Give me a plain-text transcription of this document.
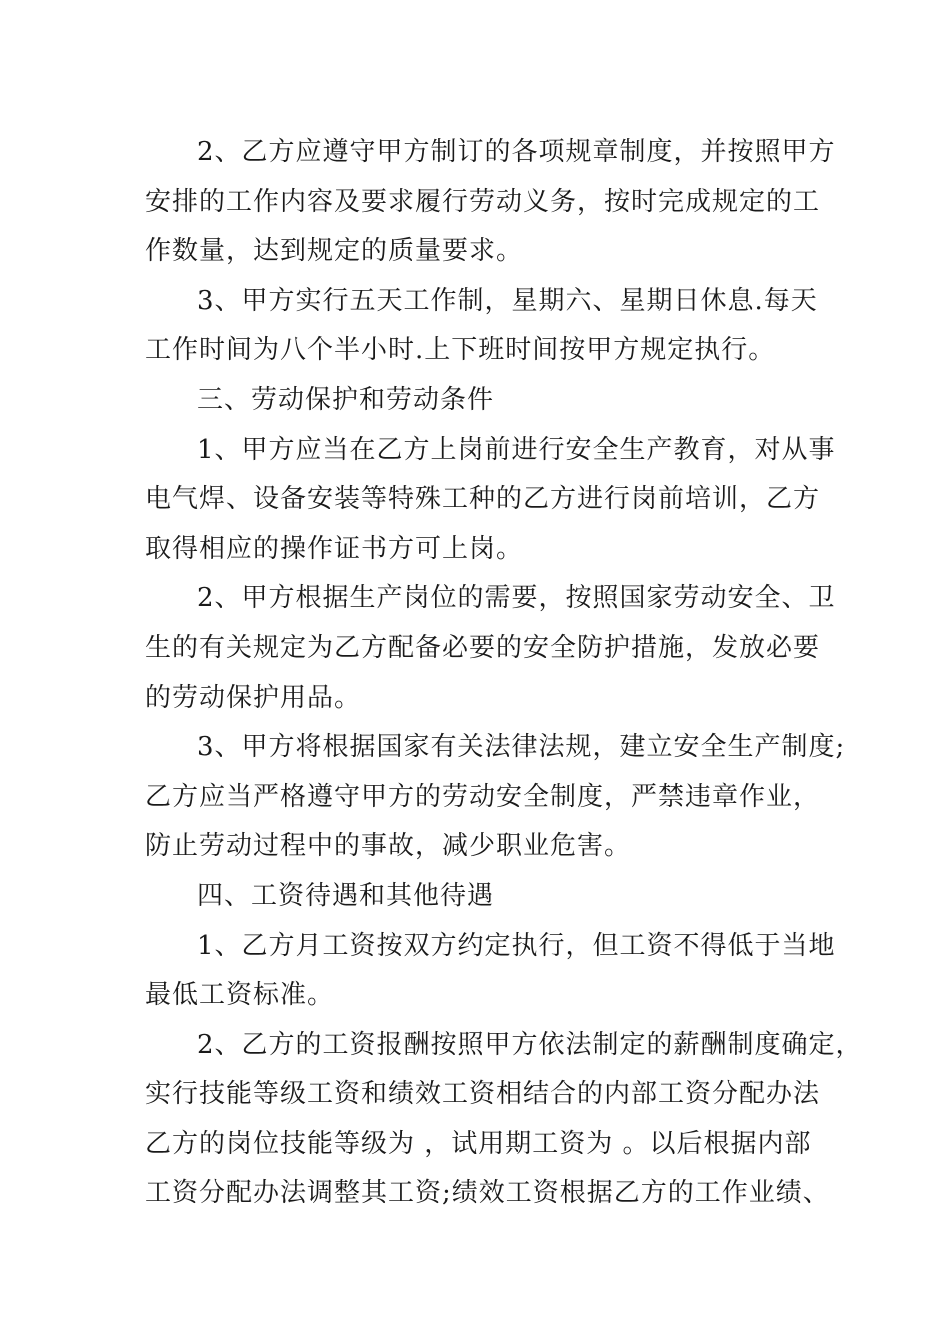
2、乙方应遵守甲方制订的各项规章制度，并按照甲方
安排的工作内容及要求履行劳动义务，按时完成规定的工
作数量，达到规定的质量要求。

3、甲方实行五天工作制，星期六、星期日休息.每天
工作时间为八个半小时.上下班时间按甲方规定执行。

三、劳动保护和劳动条件

1、甲方应当在乙方上岗前进行安全生产教育，对从事
电气焊、设备安装等特殊工种的乙方进行岗前培训，乙方
取得相应的操作证书方可上岗。

2、甲方根据生产岗位的需要，按照国家劳动安全、卫
生的有关规定为乙方配备必要的安全防护措施，发放必要
的劳动保护用品。

3、甲方将根据国家有关法律法规，建立安全生产制度;
乙方应当严格遵守甲方的劳动安全制度，严禁违章作业，
防止劳动过程中的事故，减少职业危害。

四、工资待遇和其他待遇

1、乙方月工资按双方约定执行，但工资不得低于当地
最低工资标准。

2、乙方的工资报酬按照甲方依法制定的薪酬制度确定，
实行技能等级工资和绩效工资相结合的内部工资分配办法
乙方的岗位技能等级为 ，试用期工资为 。以后根据内部
工资分配办法调整其工资;绩效工资根据乙方的工作业绩、
